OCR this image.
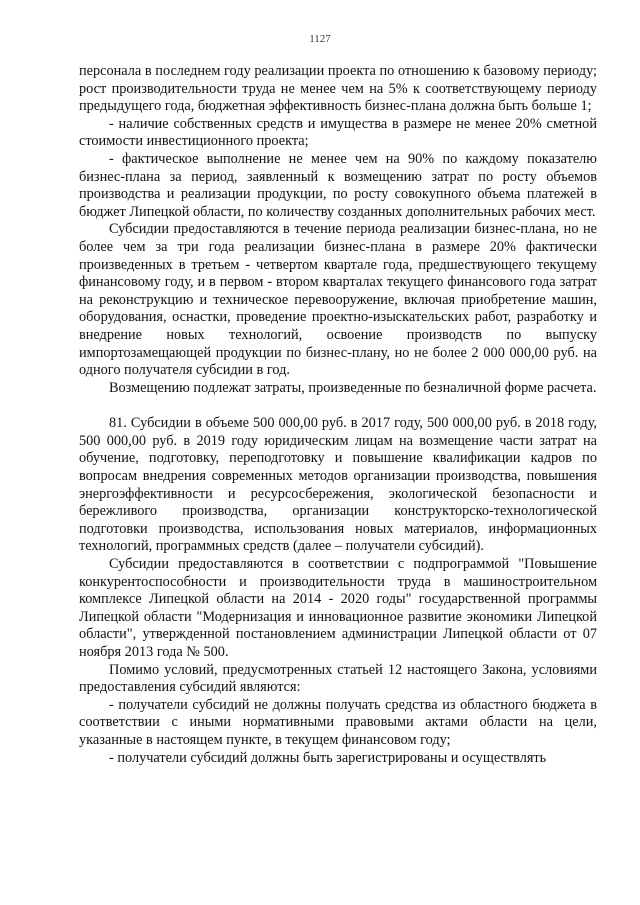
1127

персонала в последнем году реализации проекта по отношению к базовому периоду; рост производительности труда не менее чем на 5% к соответствующему периоду предыдущего года, бюджетная эффективность бизнес-плана должна быть больше 1;

- наличие собственных средств и имущества в размере не менее 20% сметной стоимости инвестиционного проекта;

- фактическое выполнение не менее чем на 90% по каждому показателю бизнес-плана за период, заявленный к возмещению затрат по росту объемов производства и реализации продукции, по росту совокупного объема платежей в бюджет Липецкой области, по количеству созданных дополнительных рабочих мест.

Субсидии предоставляются в течение периода реализации бизнес-плана, но не более чем за три года реализации бизнес-плана в размере 20% фактически произведенных в третьем - четвертом квартале года, предшествующего текущему финансовому году, и в первом - втором кварталах текущего финансового года затрат на реконструкцию и техническое перевооружение, включая приобретение машин, оборудования, оснастки, проведение проектно-изыскательских работ, разработку и внедрение новых технологий, освоение производств по выпуску импортозамещающей продукции по бизнес-плану, но не более 2 000 000,00 руб. на одного получателя субсидии в год.

Возмещению подлежат затраты, произведенные по безналичной форме расчета.

81. Субсидии в объеме 500 000,00 руб. в 2017 году, 500 000,00 руб. в 2018 году, 500 000,00 руб. в 2019 году юридическим лицам на возмещение части затрат на обучение, подготовку, переподготовку и повышение квалификации кадров по вопросам внедрения современных методов организации производства, повышения энергоэффективности и ресурсосбережения, экологической безопасности и бережливого производства, организации конструкторско-технологической подготовки производства, использования новых материалов, информационных технологий, программных средств (далее – получатели субсидий).

Субсидии предоставляются в соответствии с подпрограммой "Повышение конкурентоспособности и производительности труда в машиностроительном комплексе Липецкой области на 2014 - 2020 годы" государственной программы Липецкой области "Модернизация и инновационное развитие экономики Липецкой области", утвержденной постановлением администрации Липецкой области от 07 ноября 2013 года № 500.

Помимо условий, предусмотренных статьей 12 настоящего Закона, условиями предоставления субсидий являются:

- получатели субсидий не должны получать средства из областного бюджета в соответствии с иными нормативными правовыми актами области на цели, указанные в настоящем пункте, в текущем финансовом году;

- получатели субсидий должны быть зарегистрированы и осуществлять
